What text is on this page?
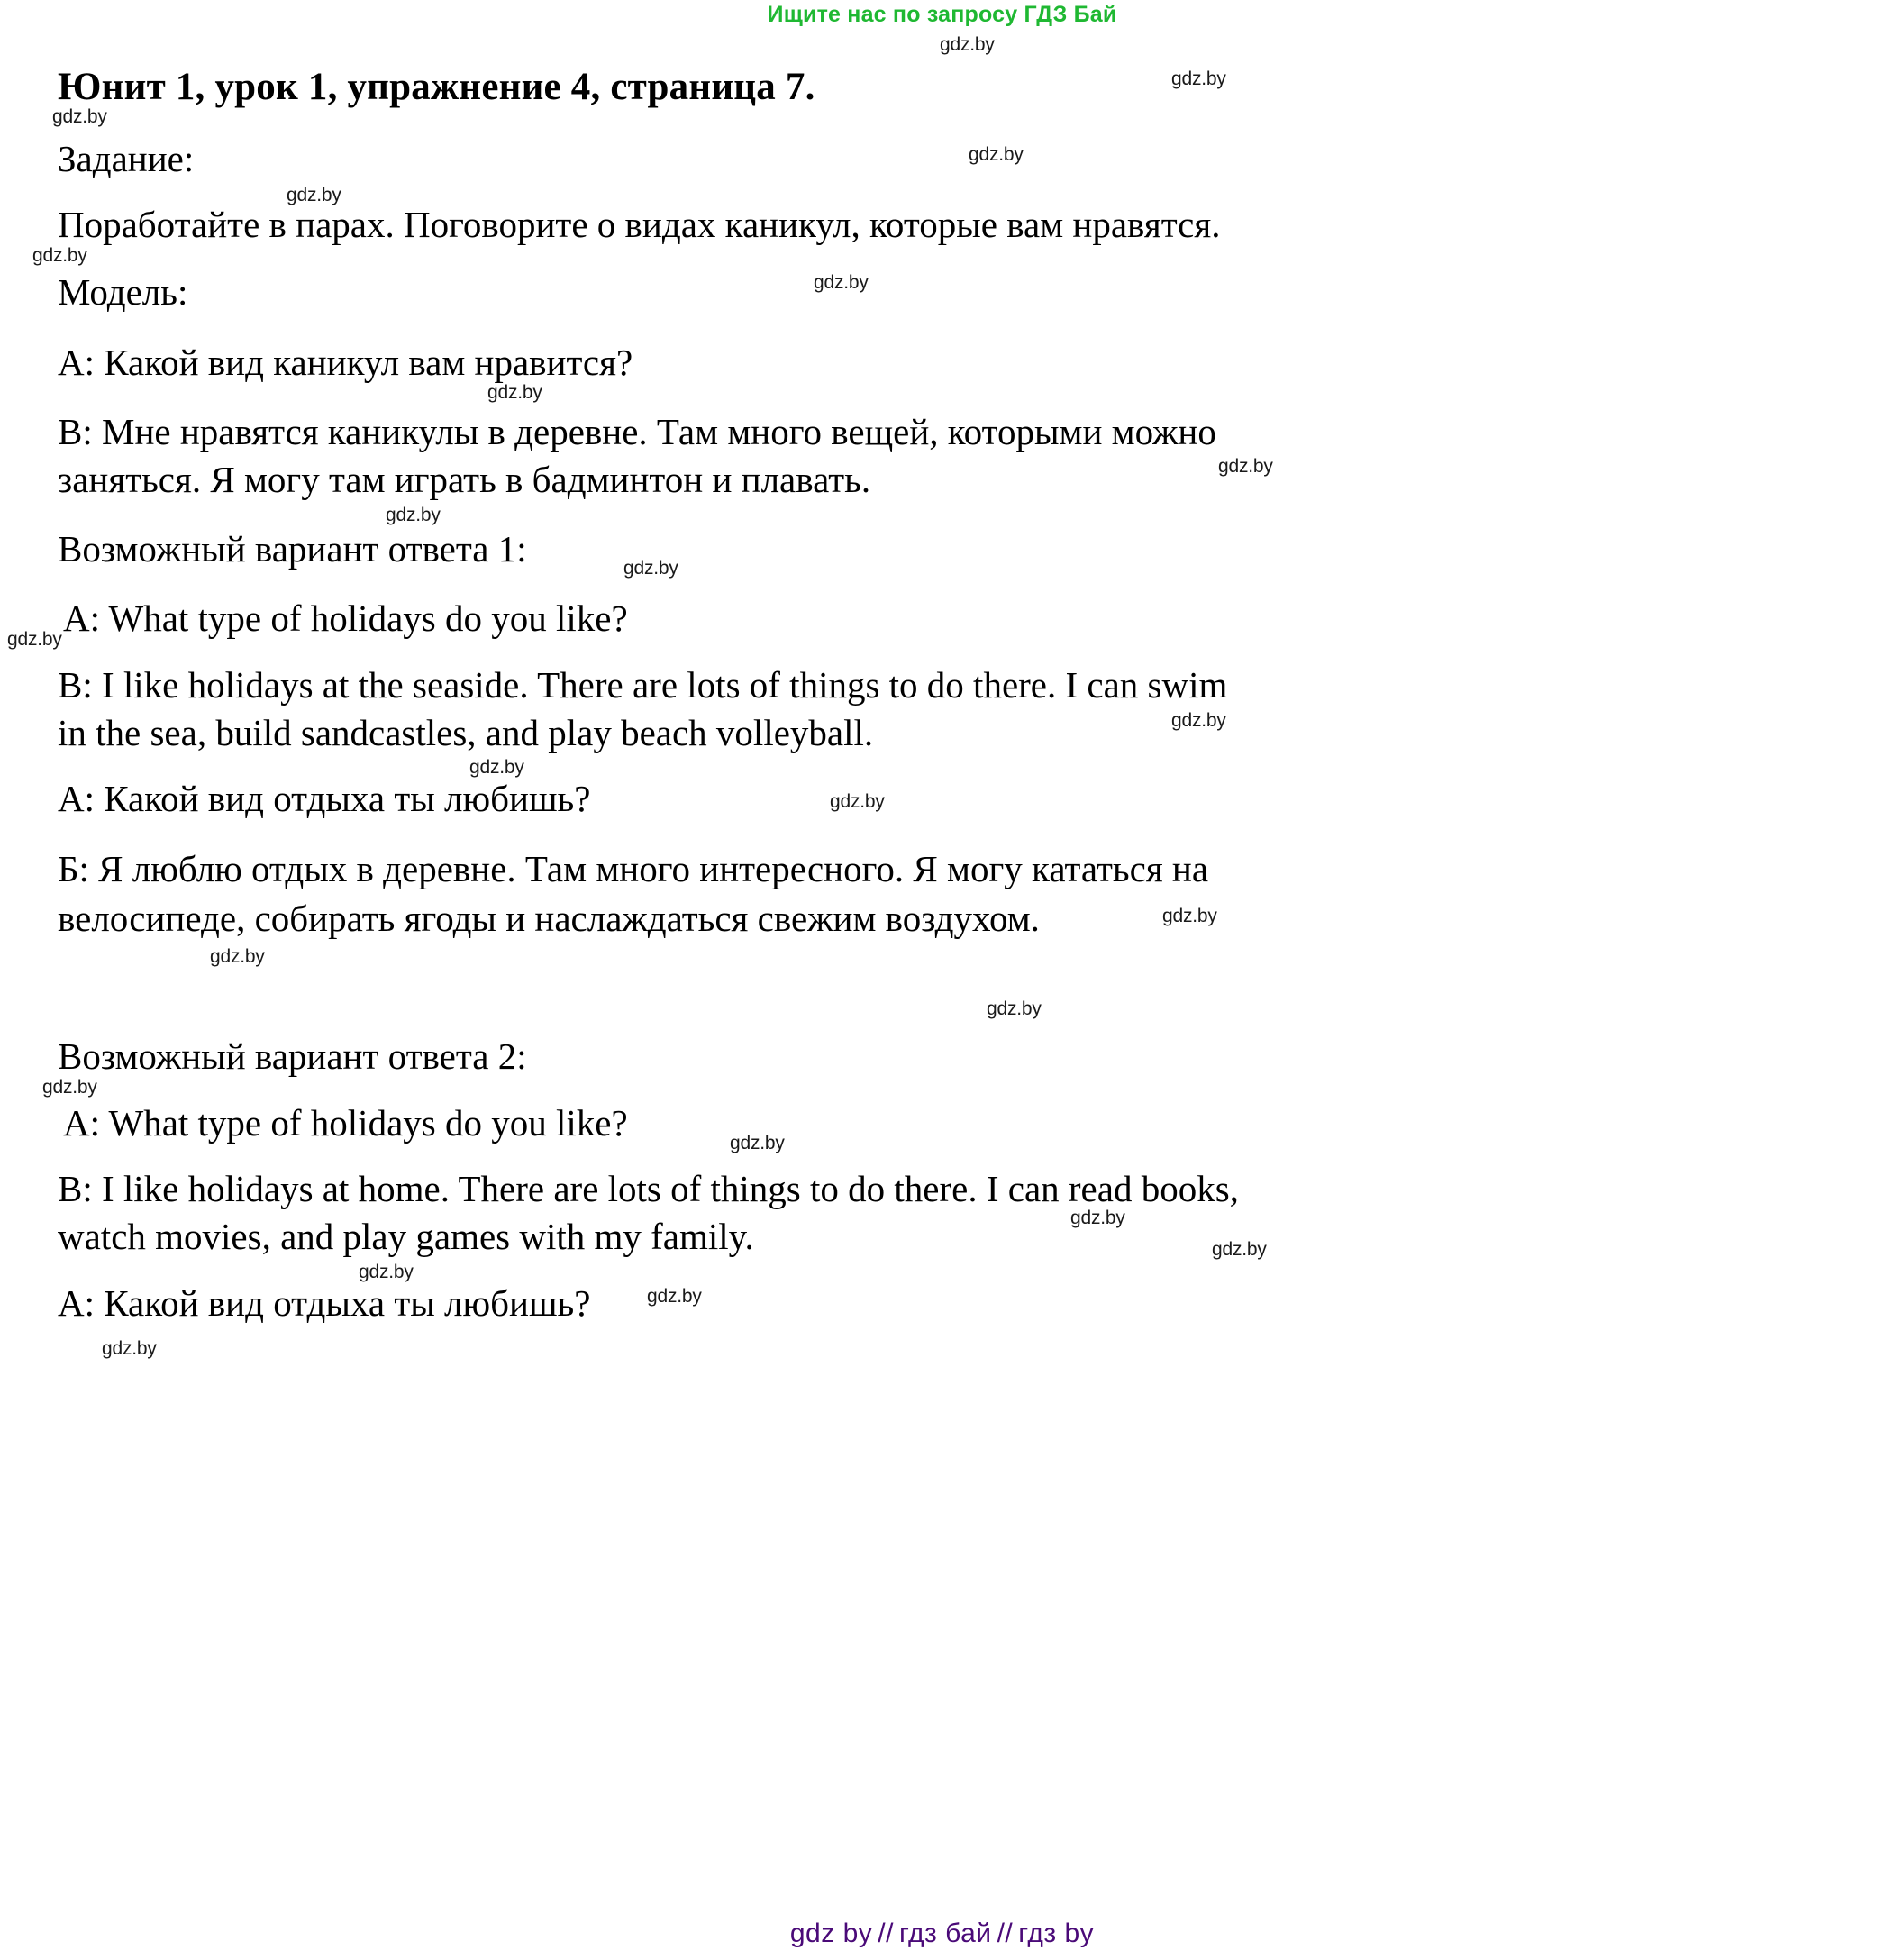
Ищите нас по запросу ГДЗ Бай
gdz.by
gdz.by
gdz.by
gdz.by
gdz.by
gdz.by
gdz.by
gdz.by
gdz.by
gdz.by
gdz.by
gdz.by
gdz.by
gdz.by
gdz.by
gdz.by
gdz.by
gdz.by
gdz.by
gdz.by
gdz.by
gdz.by
gdz.by
gdz.by
gdz.by
Юнит 1, урок 1, упражнение 4, страница 7.
Задание:
Поработайте в парах. Поговорите о видах каникул, которые вам нравятся.
Модель:
А: Какой вид каникул вам нравится?
В: Мне нравятся каникулы в деревне. Там много вещей, которыми можно
заняться. Я могу там играть в бадминтон и плавать.
Возможный вариант ответа 1:
A: What type of holidays do you like?
B: I like holidays at the seaside. There are lots of things to do there. I can swim
in the sea, build sandcastles, and play beach volleyball.
А: Какой вид отдыха ты любишь?
Б: Я люблю отдых в деревне. Там много интересного. Я могу кататься на
велосипеде, собирать ягоды и наслаждаться свежим воздухом.
Возможный вариант ответа 2:
A: What type of holidays do you like?
B: I like holidays at home. There are lots of things to do there. I can read books,
watch movies, and play games with my family.
А: Какой вид отдыха ты любишь?
gdz by // гдз бай // гдз by
